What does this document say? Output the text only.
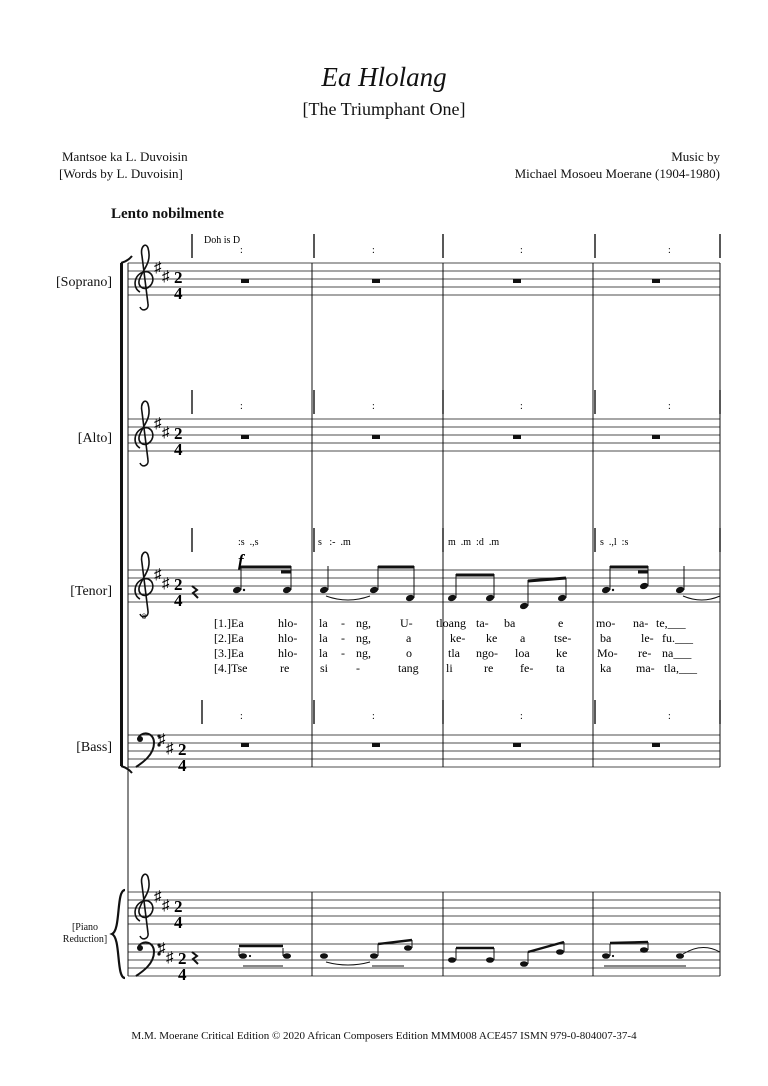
Ea Hlolang
[The Triumphant One]
Mantsoe ka L. Duvoisin
[Words by L. Duvoisin]
Music by
Michael Mosoeu Moerane (1904-1980)
Lento nobilmente
[Soprano]
[Alto]
[Tenor]
[Bass]
[Piano
Reduction]
8
♯
♯ 2
4
♯
♯ 2
4
♯
♯ 2
4
♯
♯ 2
4
♯
♯ 2
4
♯
♯ 2
4
Doh is D
:	:	:	:
:	:	:	:
:s  .,s	s   :-  .m	m  .m  :d  .m	s  .,l  :s
:	:	:	:
f
[1.]Ea	hlo- la - ng, U- tloang ta- ba	e	mo- na- te,___
[2.]Ea	hlo- la - ng,	a	ke- ke a tse- ba le- fu.___
[3.]Ea	hlo- la - ng,	o	tla ngo- loa ke Mo- re- na___
[4.]Tse	re	si -	tang li	re fe- ta	ka ma- tla,___
M.M. Moerane Critical Edition © 2020 African Composers Edition MMM008 ACE457 ISMN 979-0-804007-37-4
